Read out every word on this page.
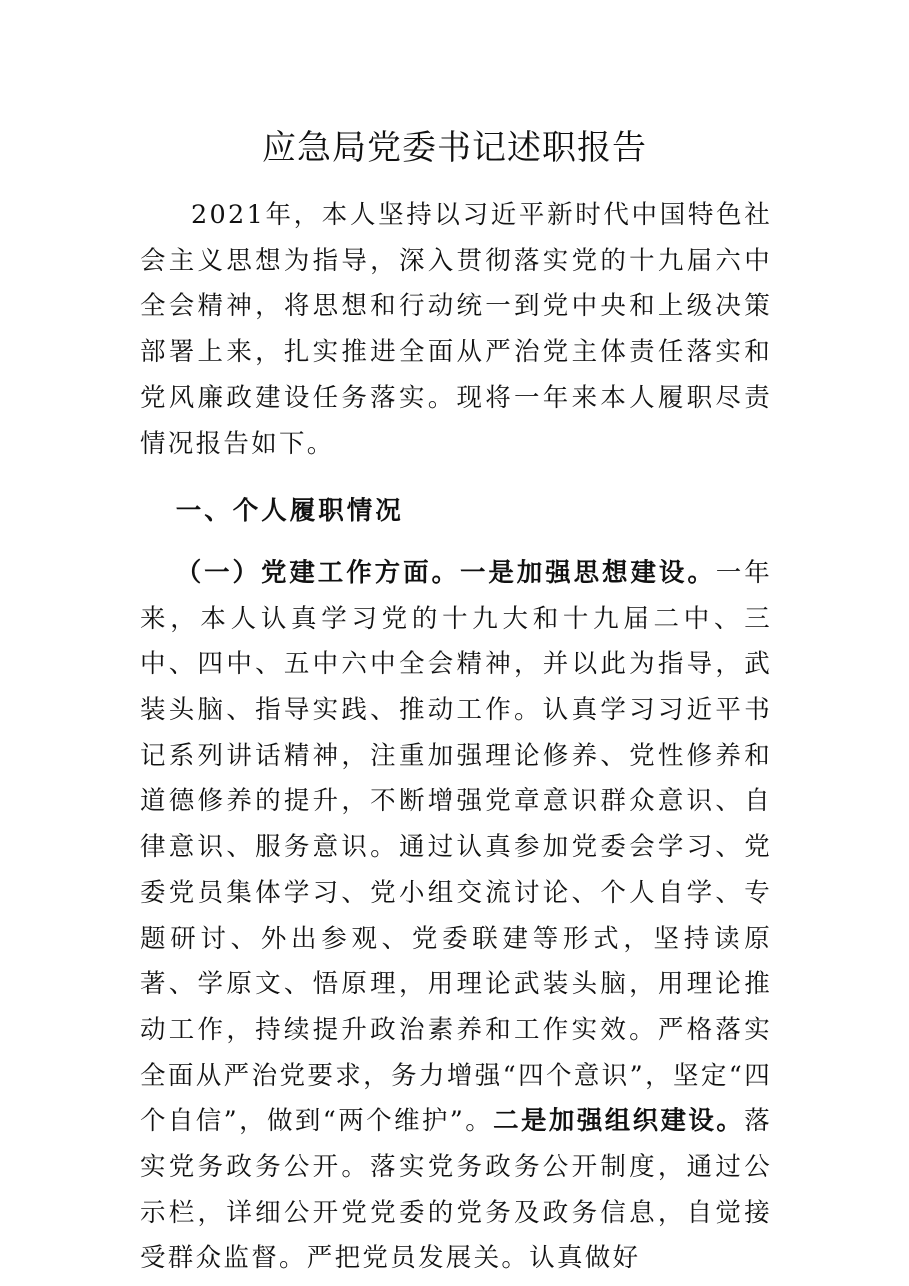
应急局党委书记述职报告

2021年，本人坚持以习近平新时代中国特色社会主义思想为指导，深入贯彻落实党的十九届六中全会精神，将思想和行动统一到党中央和上级决策部署上来，扎实推进全面从严治党主体责任落实和党风廉政建设任务落实。现将一年来本人履职尽责情况报告如下。

一、个人履职情况

（一）党建工作方面。一是加强思想建设。一年来，本人认真学习党的十九大和十九届二中、三中、四中、五中六中全会精神，并以此为指导，武装头脑、指导实践、推动工作。认真学习习近平书记系列讲话精神，注重加强理论修养、党性修养和道德修养的提升，不断增强党章意识群众意识、自律意识、服务意识。通过认真参加党委会学习、党委党员集体学习、党小组交流讨论、个人自学、专题研讨、外出参观、党委联建等形式，坚持读原著、学原文、悟原理，用理论武装头脑，用理论推动工作，持续提升政治素养和工作实效。严格落实全面从严治党要求，务力增强“四个意识”，坚定“四个自信”，做到“两个维护”。二是加强组织建设。落实党务政务公开。落实党务政务公开制度，通过公示栏，详细公开党党委的党务及政务信息，自觉接受群众监督。严把党员发展关。认真做好
